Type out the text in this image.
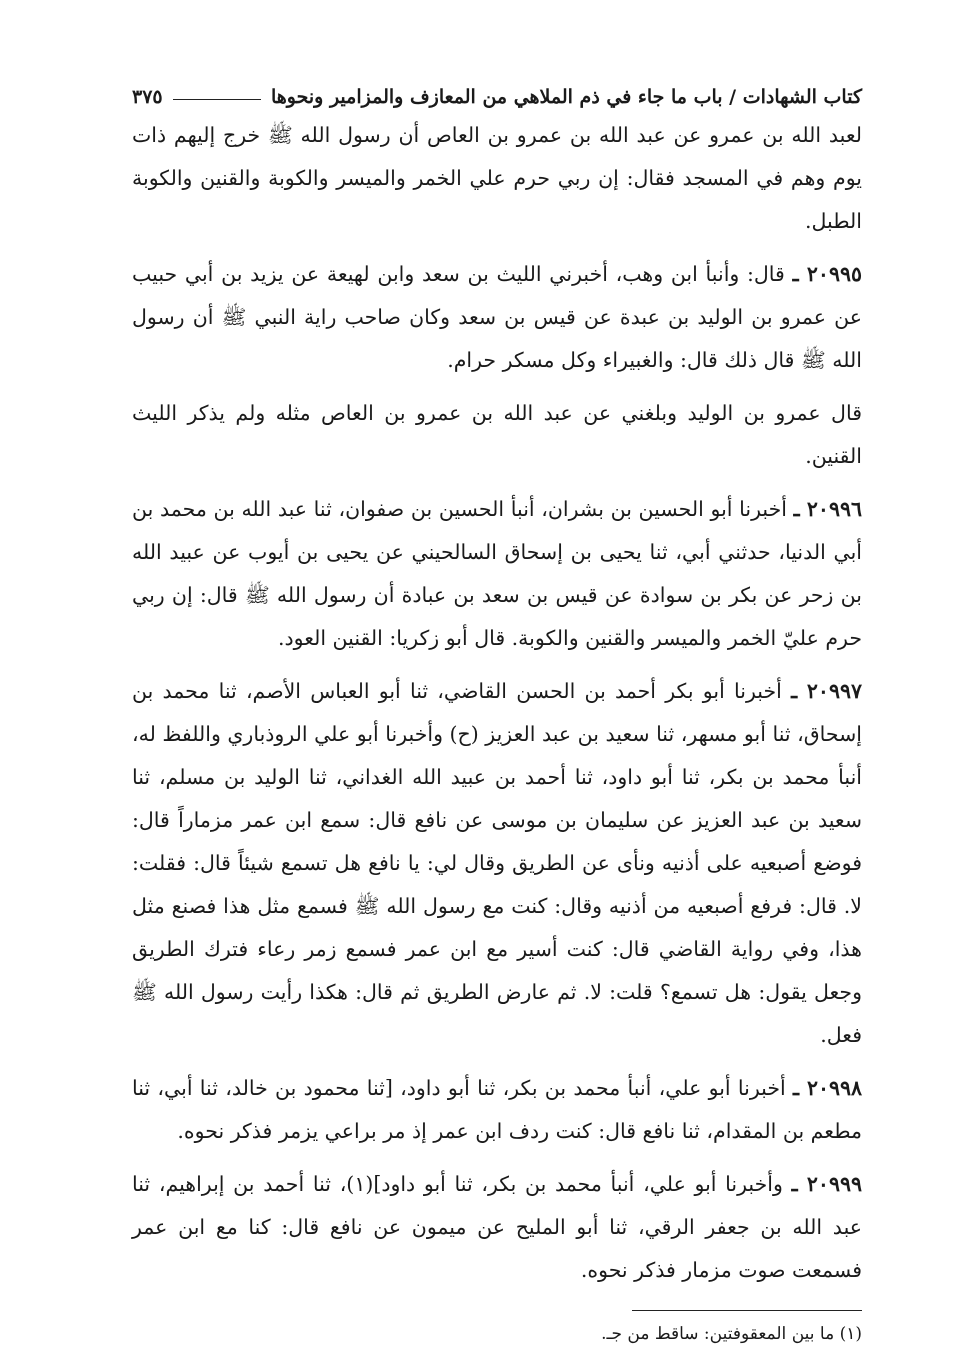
كتاب الشهادات / باب ما جاء في ذم الملاهي من المعازف والمزامير ونحوها
٣٧٥

لعبد الله بن عمرو عن عبد الله بن عمرو بن العاص أن رسول الله ﷺ خرج إليهم ذات يوم وهم في المسجد فقال: إن ربي حرم علي الخمر والميسر والكوبة والقنين والكوبة الطبل.

٢٠٩٩٥ ـ قال: وأنبأ ابن وهب، أخبرني الليث بن سعد وابن لهيعة عن يزيد بن أبي حبيب عن عمرو بن الوليد بن عبدة عن قيس بن سعد وكان صاحب راية النبي ﷺ أن رسول الله ﷺ قال ذلك قال: والغبيراء وكل مسكر حرام.

قال عمرو بن الوليد وبلغني عن عبد الله بن عمرو بن العاص مثله ولم يذكر الليث القنين.

٢٠٩٩٦ ـ أخبرنا أبو الحسين بن بشران، أنبأ الحسين بن صفوان، ثنا عبد الله بن محمد بن أبي الدنيا، حدثني أبي، ثنا يحيى بن إسحاق السالحيني عن يحيى بن أيوب عن عبيد الله بن زحر عن بكر بن سوادة عن قيس بن سعد بن عبادة أن رسول الله ﷺ قال: إن ربي حرم عليّ الخمر والميسر والقنين والكوبة. قال أبو زكريا: القنين العود.

٢٠٩٩٧ ـ أخبرنا أبو بكر أحمد بن الحسن القاضي، ثنا أبو العباس الأصم، ثنا محمد بن إسحاق، ثنا أبو مسهر، ثنا سعيد بن عبد العزيز (ح) وأخبرنا أبو علي الروذباري واللفظ له، أنبأ محمد بن بكر، ثنا أبو داود، ثنا أحمد بن عبيد الله الغداني، ثنا الوليد بن مسلم، ثنا سعيد بن عبد العزيز عن سليمان بن موسى عن نافع قال: سمع ابن عمر مزماراً قال: فوضع أصبعيه على أذنيه ونأى عن الطريق وقال لي: يا نافع هل تسمع شيئاً قال: فقلت: لا. قال: فرفع أصبعيه من أذنيه وقال: كنت مع رسول الله ﷺ فسمع مثل هذا فصنع مثل هذا، وفي رواية القاضي قال: كنت أسير مع ابن عمر فسمع زمر رعاء فترك الطريق وجعل يقول: هل تسمع؟ قلت: لا. ثم عارض الطريق ثم قال: هكذا رأيت رسول الله ﷺ فعل.

٢٠٩٩٨ ـ أخبرنا أبو علي، أنبأ محمد بن بكر، ثنا أبو داود، [ثنا محمود بن خالد، ثنا أبي، ثنا مطعم بن المقدام، ثنا نافع قال: كنت ردف ابن عمر إذ مر براعي يزمر فذكر نحوه.

٢٠٩٩٩ ـ وأخبرنا أبو علي، أنبأ محمد بن بكر، ثنا أبو داود](١)، ثنا أحمد بن إبراهيم، ثنا عبد الله بن جعفر الرقي، ثنا أبو المليح عن ميمون عن نافع قال: كنا مع ابن عمر فسمعت صوت مزمار فذكر نحوه.

(١) ما بين المعقوفتين: ساقط من جـ.
